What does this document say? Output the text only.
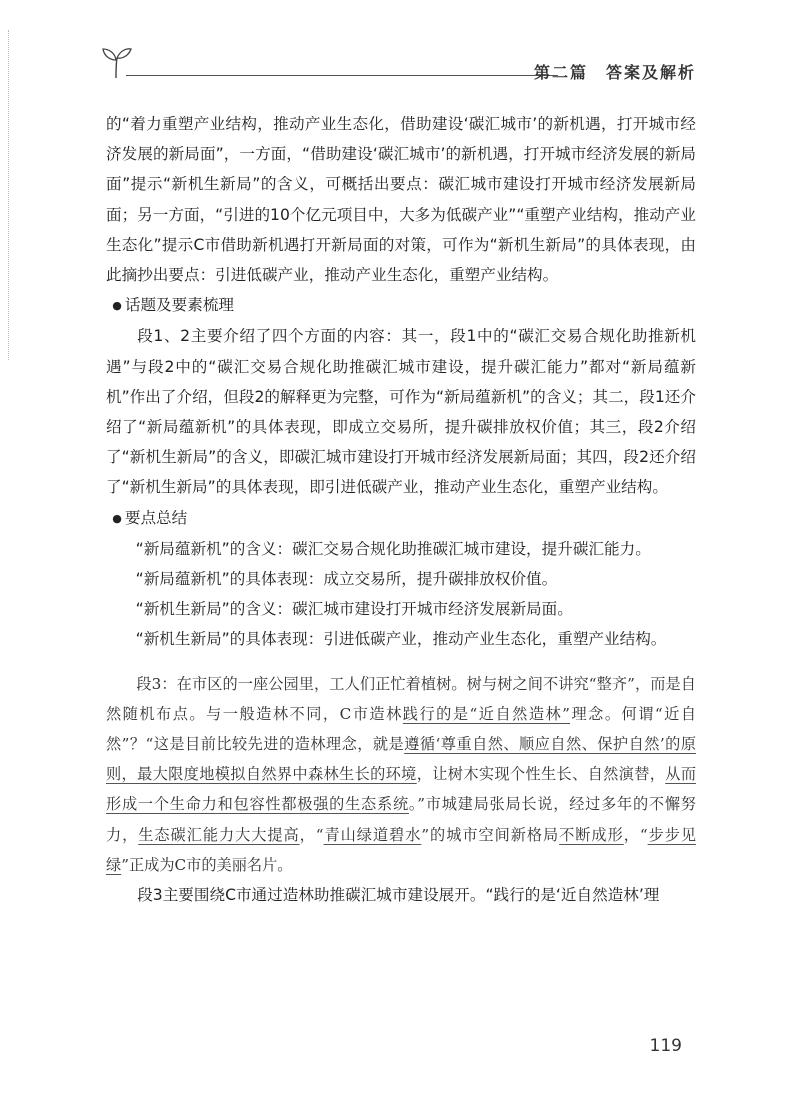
第二篇　答案及解析

的“着力重塑产业结构，推动产业生态化，借助建设‘碳汇城市’的新机遇，打开城市经济发展的新局面”，一方面，“借助建设‘碳汇城市’的新机遇，打开城市经济发展的新局面”提示“新机生新局”的含义，可概括出要点：碳汇城市建设打开城市经济发展新局面；另一方面，“引进的10个亿元项目中，大多为低碳产业”“重塑产业结构，推动产业生态化”提示C市借助新机遇打开新局面的对策，可作为“新机生新局”的具体表现，由此摘抄出要点：引进低碳产业，推动产业生态化，重塑产业结构。

● 话题及要素梳理

段1、2主要介绍了四个方面的内容：其一，段1中的“碳汇交易合规化助推新机遇”与段2中的“碳汇交易合规化助推碳汇城市建设，提升碳汇能力”都对“新局蕴新机”作出了介绍，但段2的解释更为完整，可作为“新局蕴新机”的含义；其二，段1还介绍了“新局蕴新机”的具体表现，即成立交易所，提升碳排放权价值；其三，段2介绍了“新机生新局”的含义，即碳汇城市建设打开城市经济发展新局面；其四，段2还介绍了“新机生新局”的具体表现，即引进低碳产业，推动产业生态化，重塑产业结构。

● 要点总结

“新局蕴新机”的含义：碳汇交易合规化助推碳汇城市建设，提升碳汇能力。

“新局蕴新机”的具体表现：成立交易所，提升碳排放权价值。

“新机生新局”的含义：碳汇城市建设打开城市经济发展新局面。

“新机生新局”的具体表现：引进低碳产业，推动产业生态化，重塑产业结构。

段3：在市区的一座公园里，工人们正忙着植树。树与树之间不讲究“整齐”，而是自然随机布点。与一般造林不同，C市造林践行的是“近自然造林”理念。何谓“近自然”？“这是目前比较先进的造林理念，就是遵循‘尊重自然、顺应自然、保护自然’的原则，最大限度地模拟自然界中森林生长的环境，让树木实现个性生长、自然演替，从而形成一个生命力和包容性都极强的生态系统。”市城建局张局长说，经过多年的不懈努力，生态碳汇能力大大提高，“青山绿道碧水”的城市空间新格局不断成形，“步步见绿”正成为C市的美丽名片。

段3主要围绕C市通过造林助推碳汇城市建设展开。“践行的是‘近自然造林’理

119
